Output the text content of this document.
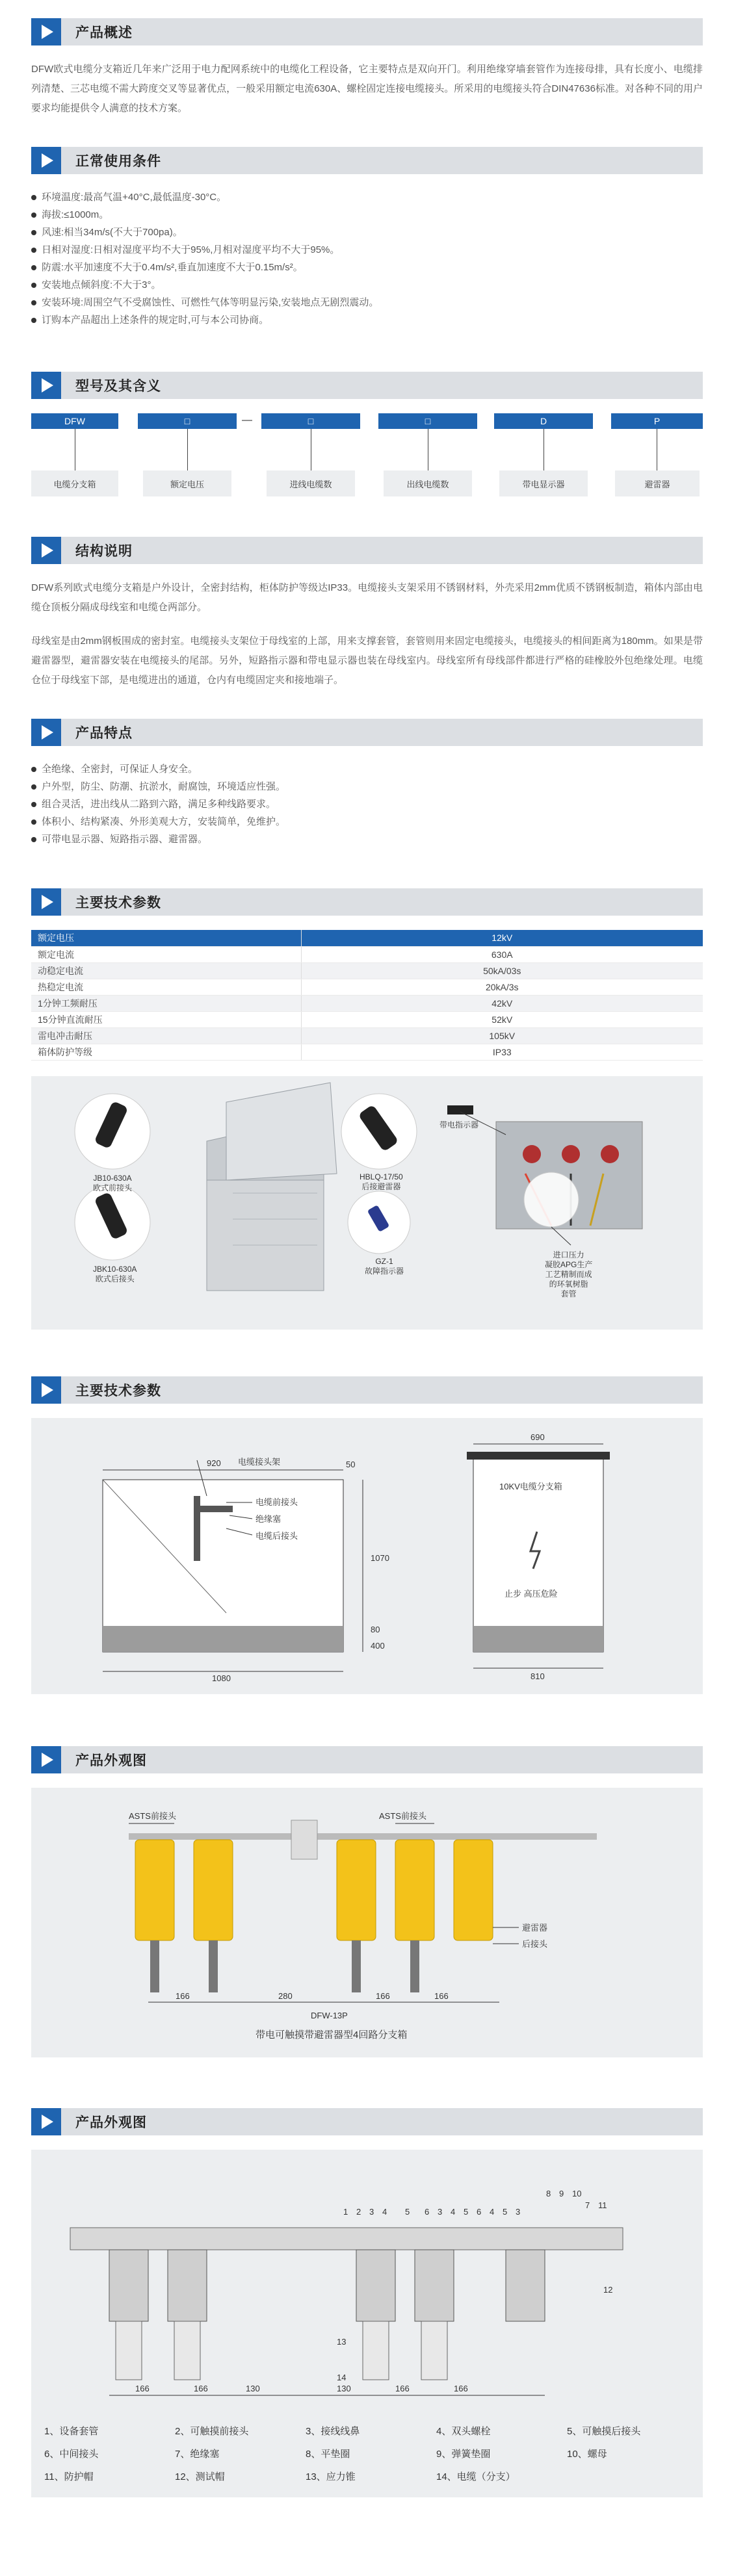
产品概述

DFW欧式电缆分支箱近几年来广泛用于电力配网系统中的电缆化工程设备，它主要特点是双向开门。利用绝缘穿墙套管作为连接母排，具有长度小、电缆排列清楚、三芯电缆不需大跨度交叉等显著优点，一般采用额定电流630A、螺栓固定连接电缆接头。所采用的电缆接头符合DIN47636标准。对各种不同的用户要求均能提供令人满意的技术方案。

正常使用条件
环境温度:最高气温+40°C,最低温度-30°C。
海拔:≤1000m。
风速:相当34m/s(不大于700pa)。
日相对湿度:日相对湿度平均不大于95%,月相对湿度平均不大于95%。
防震:水平加速度不大于0.4m/s²,垂直加速度不大于0.15m/s²。
安装地点倾斜度:不大于3°。
安装环境:周围空气不受腐蚀性、可燃性气体等明显污染,安装地点无剧烈震动。
订购本产品超出上述条件的规定时,可与本公司协商。
型号及其含义
DFW	□	—	□	□	D	P
电缆分支箱	额定电压	进线电缆数	出线电缆数	带电显示器	避雷器
结构说明

DFW系列欧式电缆分支箱是户外设计，全密封结构，柜体防护等级达IP33。电缆接头支架采用不锈钢材料，外壳采用2mm优质不锈钢板制造，箱体内部由电缆仓顶板分隔成母线室和电缆仓两部分。

母线室是由2mm钢板围成的密封室。电缆接头支架位于母线室的上部，用来支撑套管，套管则用来固定电缆接头，电缆接头的相间距离为180mm。如果是带避雷器型，避雷器安装在电缆接头的尾部。另外，短路指示器和带电显示器也装在母线室内。母线室所有母线部件都进行严格的硅橡胶外包绝缘处理。电缆仓位于母线室下部，是电缆进出的通道，仓内有电缆固定夹和接地端子。

产品特点
全绝缘、全密封，可保证人身安全。
户外型，防尘、防潮、抗淤水，耐腐蚀，环境适应性强。
组合灵活，进出线从二路到六路，满足多种线路要求。
体积小、结构紧凑、外形美观大方，安装简单，免维护。
可带电显示器、短路指示器、避雷器。
主要技术参数
额定电压	12kV
额定电流	630A
动稳定电流	50kA/03s
热稳定电流	20kA/3s
1分钟工频耐压	42kV
15分钟直流耐压	52kV
雷电冲击耐压	105kV
箱体防护等级	IP33
JB10-630A
欧式前接头
JBK10-630A
欧式后接头
HBLQ-17/50
后接避雷器
GZ-1
故障指示器
带电指示器
进口压力
凝胶APG生产
工艺精制而成
的环氧树脂
套管
主要技术参数
电缆接头架
电缆前接头
绝缘塞
电缆后接头
10KV电缆分支箱
止步 高压危险
920	50
1070
400
80
1080
690
810
产品外观图
ASTS前接头	ASTS前接头
避雷器
后接头
166	280	166	166
DFW-13P
带电可触摸带避雷器型4回路分支箱
产品外观图
1 2 3 4 5 6 3 4 5 6 4 5 3
8 9 10
7 11
12
13
14
166	166	130	130	166	166
1、设备套管	2、可触摸前接头	3、接线线鼻	4、双头螺栓	5、可触摸后接头
6、中间接头	7、绝缘塞	8、平垫圈	9、弹簧垫圈	10、螺母
11、防护帽	12、测试帽	13、应力锥	14、电缆（分支）
